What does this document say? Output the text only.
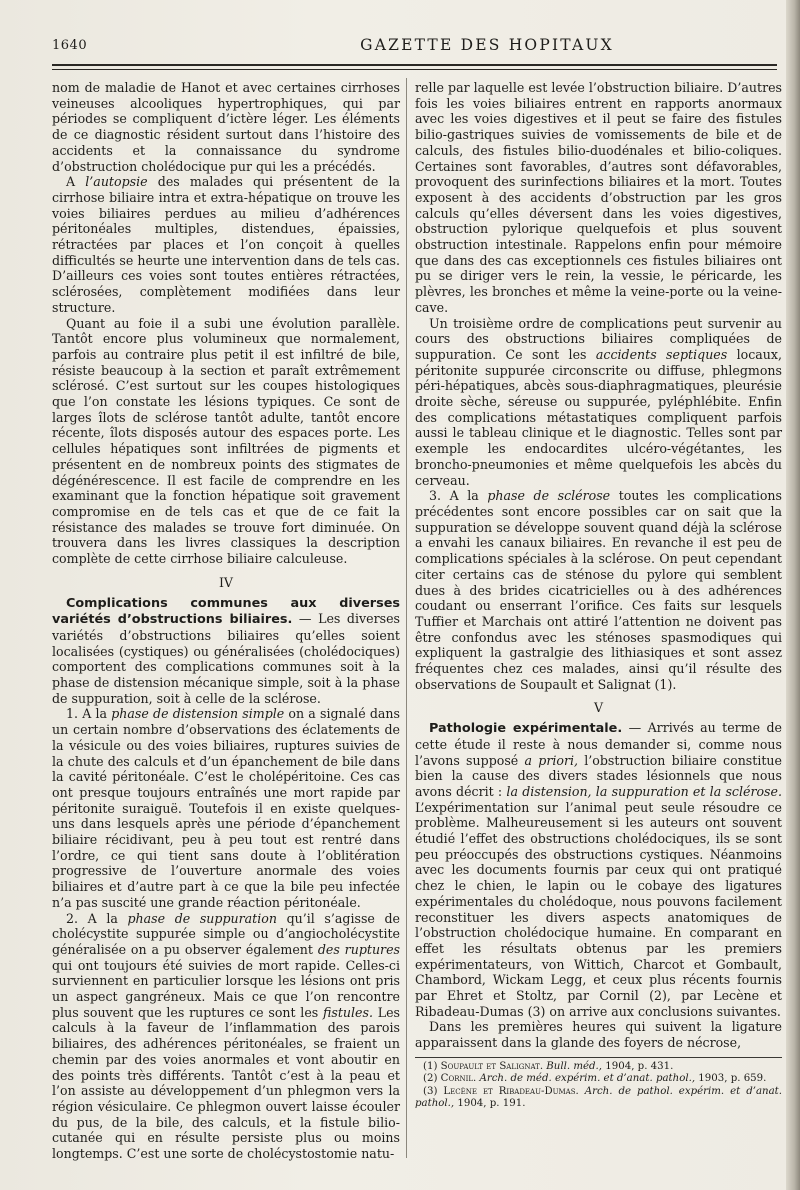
1640	GAZETTE DES HOPITAUX

nom de maladie de Hanot et avec certaines cirrhoses veineuses alcooliques hypertrophiques, qui par périodes se compliquent d’ictère léger. Les éléments de ce diagnostic résident surtout dans l’histoire des accidents et la connaissance du syndrome d’obstruction cholédocique pur qui les a précédés.

A l’autopsie des malades qui présentent de la cirrhose biliaire intra et extra-hépatique on trouve les voies biliaires perdues au milieu d’adhérences péritonéales multiples, distendues, épaissies, rétractées par places et l’on conçoit à quelles difficultés se heurte une intervention dans de tels cas. D’ailleurs ces voies sont toutes entières rétractées, sclérosées, complètement modifiées dans leur structure.

Quant au foie il a subi une évolution parallèle. Tantôt encore plus volumineux que normalement, parfois au contraire plus petit il est infiltré de bile, résiste beaucoup à la section et paraît extrêmement sclérosé. C’est surtout sur les coupes histologiques que l’on constate les lésions typiques. Ce sont de larges îlots de sclérose tantôt adulte, tantôt encore récente, îlots disposés autour des espaces porte. Les cellules hépatiques sont infiltrées de pigments et présentent en de nombreux points des stigmates de dégénérescence. Il est facile de comprendre en les examinant que la fonction hépatique soit gravement compromise en de tels cas et que de ce fait la résistance des malades se trouve fort diminuée. On trouvera dans les livres classiques la description complète de cette cirrhose biliaire calculeuse.

IV

Complications communes aux diverses variétés d’obstructions biliaires. — Les diverses variétés d’obstructions biliaires qu’elles soient localisées (cystiques) ou généralisées (cholédociques) comportent des complications communes soit à la phase de distension mécanique simple, soit à la phase de suppuration, soit à celle de la sclérose.

1. A la phase de distension simple on a signalé dans un certain nombre d’observations des éclatements de la vésicule ou des voies biliaires, ruptures suivies de la chute des calculs et d’un épanchement de bile dans la cavité péritonéale. C’est le cholépéritoine. Ces cas ont presque toujours entraînés une mort rapide par péritonite suraiguë. Toutefois il en existe quelques-uns dans lesquels après une période d’épanchement biliaire récidivant, peu à peu tout est rentré dans l’ordre, ce qui tient sans doute à l’oblitération progressive de l’ouverture anormale des voies biliaires et d’autre part à ce que la bile peu infectée n’a pas suscité une grande réaction péritonéale.

2. A la phase de suppuration qu’il s’agisse de cholécystite suppurée simple ou d’angiocholécystite généralisée on a pu observer également des ruptures qui ont toujours été suivies de mort rapide. Celles-ci surviennent en particulier lorsque les lésions ont pris un aspect gangréneux. Mais ce que l’on rencontre plus souvent que les ruptures ce sont les fistules. Les calculs à la faveur de l’inflammation des parois biliaires, des adhérences péritonéales, se fraient un chemin par des voies anormales et vont aboutir en des points très différents. Tantôt c’est à la peau et l’on assiste au développement d’un phlegmon vers la région vésiculaire. Ce phlegmon ouvert laisse écouler du pus, de la bile, des calculs, et la fistule bilio-cutanée qui en résulte persiste plus ou moins longtemps. C’est une sorte de cholécystostomie natu-

relle par laquelle est levée l’obstruction biliaire. D’autres fois les voies biliaires entrent en rapports anormaux avec les voies digestives et il peut se faire des fistules bilio-gastriques suivies de vomissements de bile et de calculs, des fistules bilio-duodénales et bilio-coliques. Certaines sont favorables, d’autres sont défavorables, provoquent des surinfections biliaires et la mort. Toutes exposent à des accidents d’obstruction par les gros calculs qu’elles déversent dans les voies digestives, obstruction pylorique quelquefois et plus souvent obstruction intestinale. Rappelons enfin pour mémoire que dans des cas exceptionnels ces fistules biliaires ont pu se diriger vers le rein, la vessie, le péricarde, les plèvres, les bronches et même la veine-porte ou la veine-cave.

Un troisième ordre de complications peut survenir au cours des obstructions biliaires compliquées de suppuration. Ce sont les accidents septiques locaux, péritonite suppurée circonscrite ou diffuse, phlegmons péri-hépatiques, abcès sous-diaphragmatiques, pleurésie droite sèche, séreuse ou suppurée, pyléphlébite. Enfin des complications métastatiques compliquent parfois aussi le tableau clinique et le diagnostic. Telles sont par exemple les endocardites ulcéro-végétantes, les broncho-pneumonies et même quelquefois les abcès du cerveau.

3. A la phase de sclérose toutes les complications précédentes sont encore possibles car on sait que la suppuration se développe souvent quand déjà la sclérose a envahi les canaux biliaires. En revanche il est peu de complications spéciales à la sclérose. On peut cependant citer certains cas de sténose du pylore qui semblent dues à des brides cicatricielles ou à des adhérences coudant ou enserrant l’orifice. Ces faits sur lesquels Tuffier et Marchais ont attiré l’attention ne doivent pas être confondus avec les sténoses spasmodiques qui expliquent la gastralgie des lithiasiques et sont assez fréquentes chez ces malades, ainsi qu’il résulte des observations de Soupault et Salignat (1).

V

Pathologie expérimentale. — Arrivés au terme de cette étude il reste à nous demander si, comme nous l’avons supposé a priori, l’obstruction biliaire constitue bien la cause des divers stades lésionnels que nous avons décrit : la distension, la suppuration et la sclérose. L’expérimentation sur l’animal peut seule résoudre ce problème. Malheureusement si les auteurs ont souvent étudié l’effet des obstructions cholédociques, ils se sont peu préoccupés des obstructions cystiques. Néanmoins avec les documents fournis par ceux qui ont pratiqué chez le chien, le lapin ou le cobaye des ligatures expérimentales du cholédoque, nous pouvons facilement reconstituer les divers aspects anatomiques de l’obstruction cholédocique humaine. En comparant en effet les résultats obtenus par les premiers expérimentateurs, von Wittich, Charcot et Gombault, Chambord, Wickam Legg, et ceux plus récents fournis par Ehret et Stoltz, par Cornil (2), par Lecène et Ribadeau-Dumas (3) on arrive aux conclusions suivantes.

Dans les premières heures qui suivent la ligature apparaissent dans la glande des foyers de nécrose,

(1) Soupault et Salignat. Bull. méd., 1904, p. 431.

(2) Cornil. Arch. de méd. expérim. et d’anat. pathol., 1903, p. 659.

(3) Lecène et Ribadeau-Dumas. Arch. de pathol. expérim. et d’anat. pathol., 1904, p. 191.
